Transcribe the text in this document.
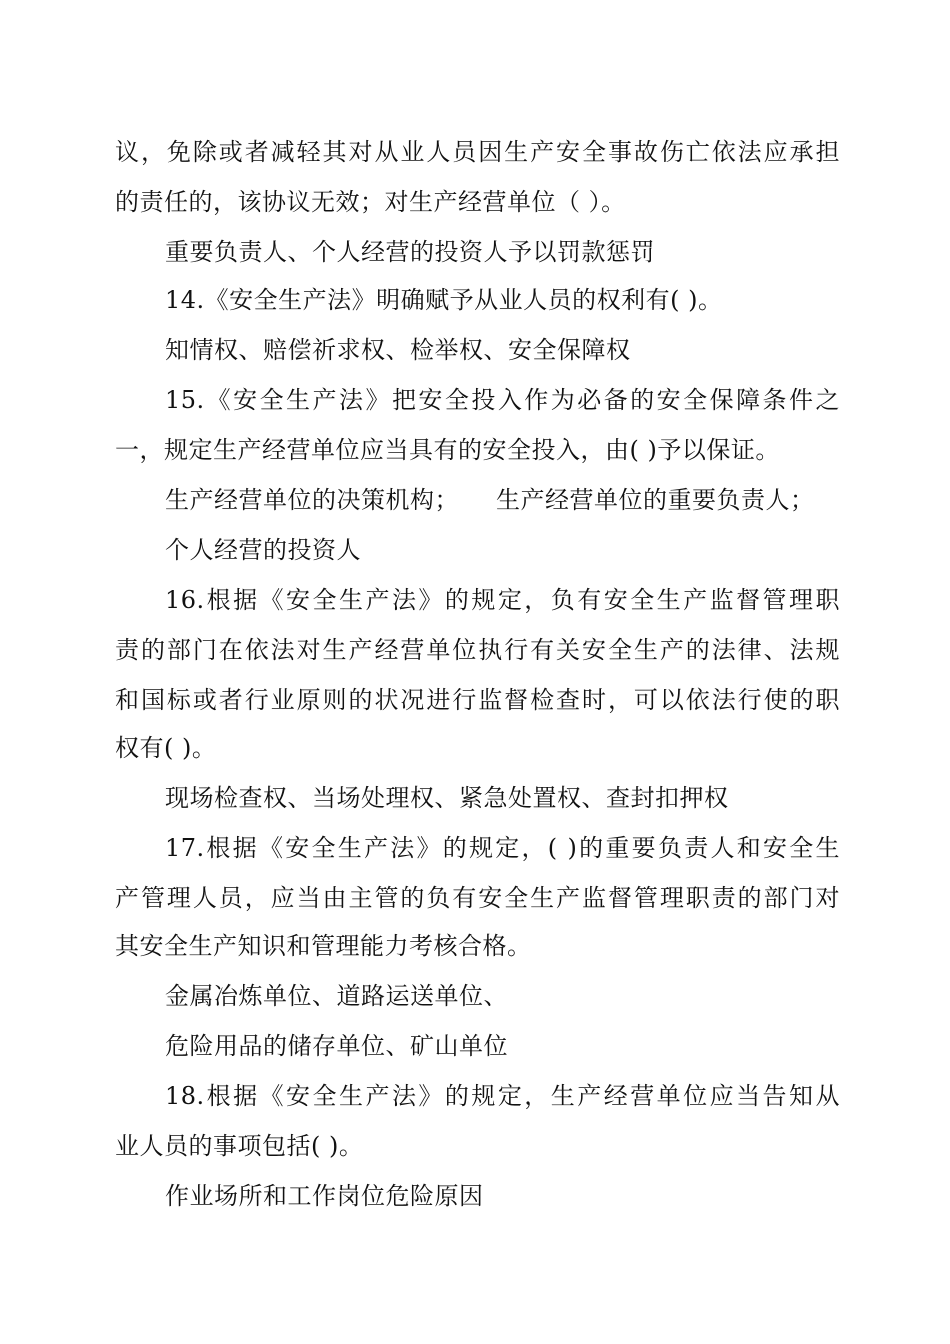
议，免除或者减轻其对从业人员因生产安全事故伤亡依法应承担
的责任的，该协议无效；对生产经营单位（ ）。
重要负责人、个人经营的投资人予以罚款惩罚
14.《安全生产法》明确赋予从业人员的权利有( )。
知情权、赔偿祈求权、检举权、安全保障权
15.《安全生产法》把安全投入作为必备的安全保障条件之
一，规定生产经营单位应当具有的安全投入，由( )予以保证。
生产经营单位的决策机构；　　生产经营单位的重要负责人；
个人经营的投资人
16.根据《安全生产法》的规定，负有安全生产监督管理职
责的部门在依法对生产经营单位执行有关安全生产的法律、法规
和国标或者行业原则的状况进行监督检查时，可以依法行使的职
权有( )。
现场检查权、当场处理权、紧急处置权、查封扣押权
17.根据《安全生产法》的规定，( )的重要负责人和安全生
产管理人员，应当由主管的负有安全生产监督管理职责的部门对
其安全生产知识和管理能力考核合格。
金属冶炼单位、道路运送单位、
危险用品的储存单位、矿山单位
18.根据《安全生产法》的规定，生产经营单位应当告知从
业人员的事项包括( )。
作业场所和工作岗位危险原因
